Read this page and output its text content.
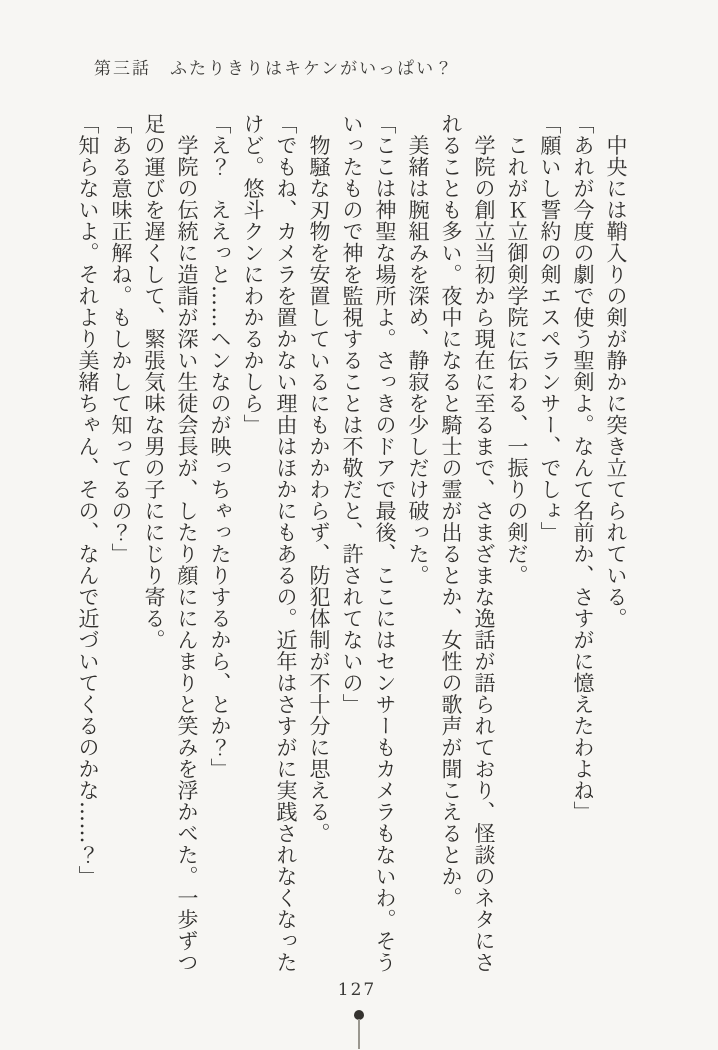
第三話　ふたりきりはキケンがいっぱい？
　中央には鞘入りの剣が静かに突き立てられている。
「あれが今度の劇で使う聖剣よ。なんて名前か、さすがに憶えたわよね」
「願いし誓約の剣エスペランサー、でしょ」
　これがＫ立御剣学院に伝わる、一振りの剣だ。
　学院の創立当初から現在に至るまで、さまざまな逸話が語られており、怪談のネタにさ
れることも多い。夜中になると騎士の霊が出るとか、女性の歌声が聞こえるとか。
　美緒は腕組みを深め、静寂を少しだけ破った。
「ここは神聖な場所よ。さっきのドアで最後、ここにはセンサーもカメラもないわ。そう
いったもので神を監視することは不敬だと、許されてないの」
　物騒な刃物を安置しているにもかかわらず、防犯体制が不十分に思える。
「でもね、カメラを置かない理由はほかにもあるの。近年はさすがに実践されなくなった
けど。悠斗クンにわかるかしら」
「え？　ええっと……ヘンなのが映っちゃったりするから、とか？」
　学院の伝統に造詣が深い生徒会長が、したり顔ににんまりと笑みを浮かべた。一歩ずつ
足の運びを遅くして、緊張気味な男の子ににじり寄る。
「ある意味正解ね。もしかして知ってるの？」
「知らないよ。それより美緒ちゃん、その、なんで近づいてくるのかな……？」
127
